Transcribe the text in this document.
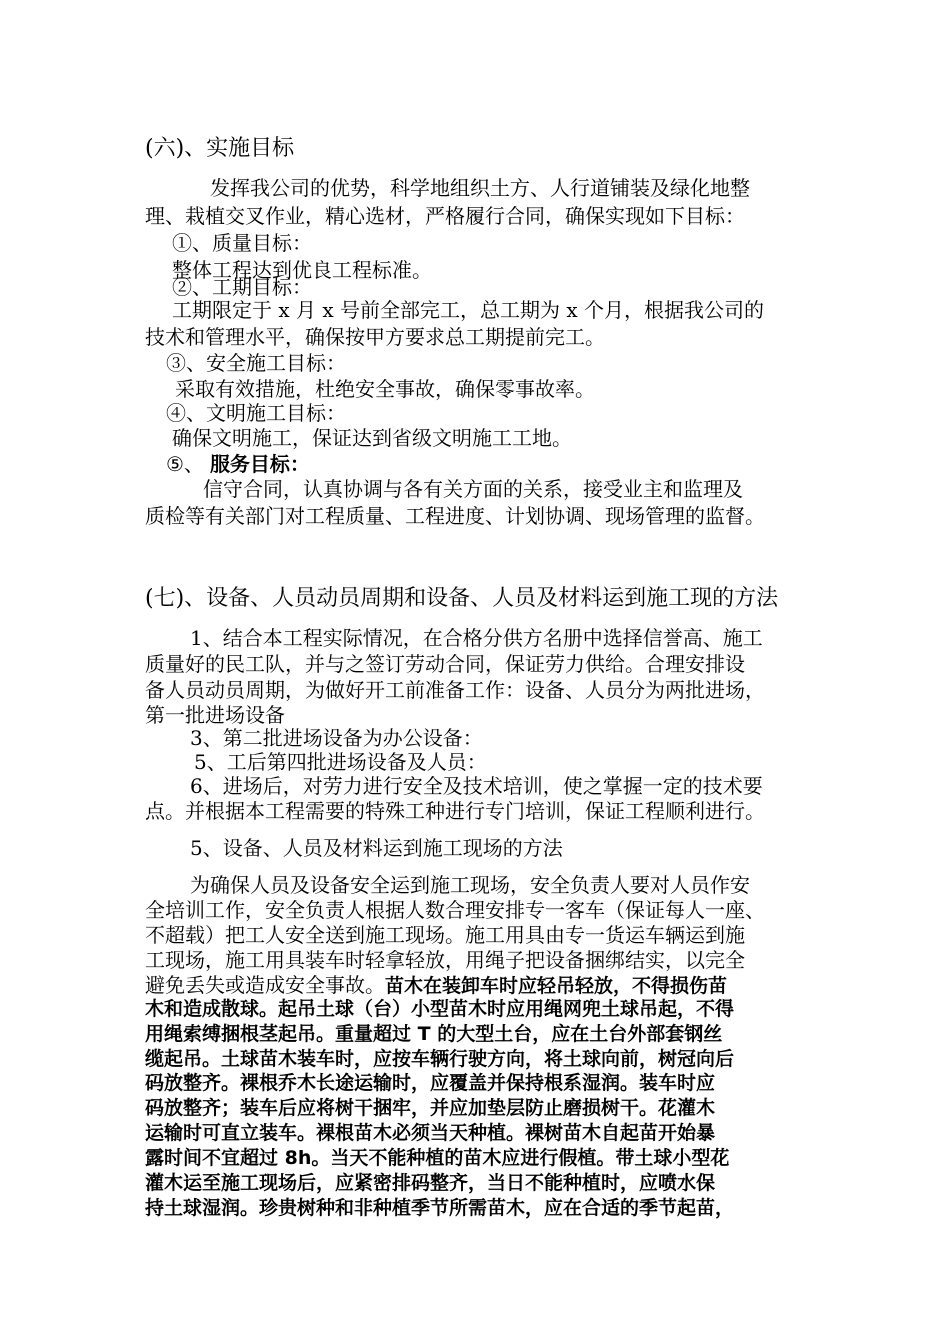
(六)、实施目标
发挥我公司的优势，科学地组织土方、人行道铺装及绿化地整
理、栽植交叉作业，精心选材，严格履行合同，确保实现如下目标：
①、质量目标：
整体工程达到优良工程标准。
②、工期目标：
工期限定于 x 月 x 号前全部完工，总工期为 x 个月，根据我公司的
技术和管理水平，确保按甲方要求总工期提前完工。
③、安全施工目标：
采取有效措施，杜绝安全事故，确保零事故率。
④、文明施工目标：
确保文明施工，保证达到省级文明施工工地。
⑤、 服务目标：
信守合同，认真协调与各有关方面的关系，接受业主和监理及
质检等有关部门对工程质量、工程进度、计划协调、现场管理的监督。
(七)、设备、人员动员周期和设备、人员及材料运到施工现的方法
1、结合本工程实际情况，在合格分供方名册中选择信誉高、施工
质量好的民工队，并与之签订劳动合同，保证劳力供给。合理安排设
备人员动员周期，为做好开工前准备工作：设备、人员分为两批进场，
第一批进场设备
3、第二批进场设备为办公设备：
5、工后第四批进场设备及人员：
6、进场后，对劳力进行安全及技术培训，使之掌握一定的技术要
点。并根据本工程需要的特殊工种进行专门培训，保证工程顺利进行。
5、设备、人员及材料运到施工现场的方法
为确保人员及设备安全运到施工现场，安全负责人要对人员作安
全培训工作，安全负责人根据人数合理安排专一客车（保证每人一座、
不超载）把工人安全送到施工现场。施工用具由专一货运车辆运到施
工现场，施工用具装车时轻拿轻放，用绳子把设备捆绑结实，以完全
避免丢失或造成安全事故。苗木在装卸车时应轻吊轻放，不得损伤苗
木和造成散球。起吊土球（台）小型苗木时应用绳网兜土球吊起，不得
用绳索缚捆根茎起吊。重量超过 T 的大型土台，应在土台外部套钢丝
缆起吊。土球苗木装车时，应按车辆行驶方向，将土球向前，树冠向后
码放整齐。裸根乔木长途运输时，应覆盖并保持根系湿润。装车时应
码放整齐；装车后应将树干捆牢，并应加垫层防止磨损树干。花灌木
运输时可直立装车。裸根苗木必须当天种植。裸树苗木自起苗开始暴
露时间不宜超过 8h。当天不能种植的苗木应进行假植。带土球小型花
灌木运至施工现场后，应紧密排码整齐，当日不能种植时，应喷水保
持土球湿润。珍贵树种和非种植季节所需苗木，应在合适的季节起苗，
